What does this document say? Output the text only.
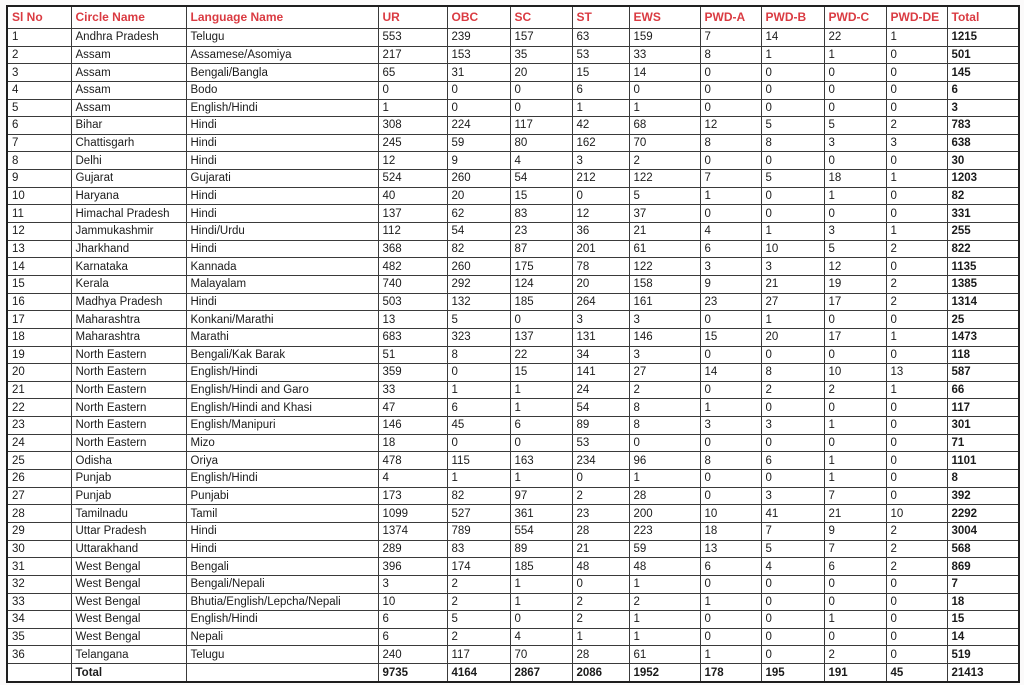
Sl No	Circle Name	Language Name	UR	OBC	SC	ST	EWS	PWD-A	PWD-B	PWD-C	PWD-DE	Total
1	Andhra Pradesh	Telugu	553	239	157	63	159	7	14	22	1	1215
2	Assam	Assamese/Asomiya	217	153	35	53	33	8	1	1	0	501
3	Assam	Bengali/Bangla	65	31	20	15	14	0	0	0	0	145
4	Assam	Bodo	0	0	0	6	0	0	0	0	0	6
5	Assam	English/Hindi	1	0	0	1	1	0	0	0	0	3
6	Bihar	Hindi	308	224	117	42	68	12	5	5	2	783
7	Chattisgarh	Hindi	245	59	80	162	70	8	8	3	3	638
8	Delhi	Hindi	12	9	4	3	2	0	0	0	0	30
9	Gujarat	Gujarati	524	260	54	212	122	7	5	18	1	1203
10	Haryana	Hindi	40	20	15	0	5	1	0	1	0	82
11	Himachal Pradesh	Hindi	137	62	83	12	37	0	0	0	0	331
12	Jammukashmir	Hindi/Urdu	112	54	23	36	21	4	1	3	1	255
13	Jharkhand	Hindi	368	82	87	201	61	6	10	5	2	822
14	Karnataka	Kannada	482	260	175	78	122	3	3	12	0	1135
15	Kerala	Malayalam	740	292	124	20	158	9	21	19	2	1385
16	Madhya Pradesh	Hindi	503	132	185	264	161	23	27	17	2	1314
17	Maharashtra	Konkani/Marathi	13	5	0	3	3	0	1	0	0	25
18	Maharashtra	Marathi	683	323	137	131	146	15	20	17	1	1473
19	North Eastern	Bengali/Kak Barak	51	8	22	34	3	0	0	0	0	118
20	North Eastern	English/Hindi	359	0	15	141	27	14	8	10	13	587
21	North Eastern	English/Hindi and Garo	33	1	1	24	2	0	2	2	1	66
22	North Eastern	English/Hindi and Khasi	47	6	1	54	8	1	0	0	0	117
23	North Eastern	English/Manipuri	146	45	6	89	8	3	3	1	0	301
24	North Eastern	Mizo	18	0	0	53	0	0	0	0	0	71
25	Odisha	Oriya	478	115	163	234	96	8	6	1	0	1101
26	Punjab	English/Hindi	4	1	1	0	1	0	0	1	0	8
27	Punjab	Punjabi	173	82	97	2	28	0	3	7	0	392
28	Tamilnadu	Tamil	1099	527	361	23	200	10	41	21	10	2292
29	Uttar Pradesh	Hindi	1374	789	554	28	223	18	7	9	2	3004
30	Uttarakhand	Hindi	289	83	89	21	59	13	5	7	2	568
31	West Bengal	Bengali	396	174	185	48	48	6	4	6	2	869
32	West Bengal	Bengali/Nepali	3	2	1	0	1	0	0	0	0	7
33	West Bengal	Bhutia/English/Lepcha/Nepali	10	2	1	2	2	1	0	0	0	18
34	West Bengal	English/Hindi	6	5	0	2	1	0	0	1	0	15
35	West Bengal	Nepali	6	2	4	1	1	0	0	0	0	14
36	Telangana	Telugu	240	117	70	28	61	1	0	2	0	519
	Total		9735	4164	2867	2086	1952	178	195	191	45	21413
